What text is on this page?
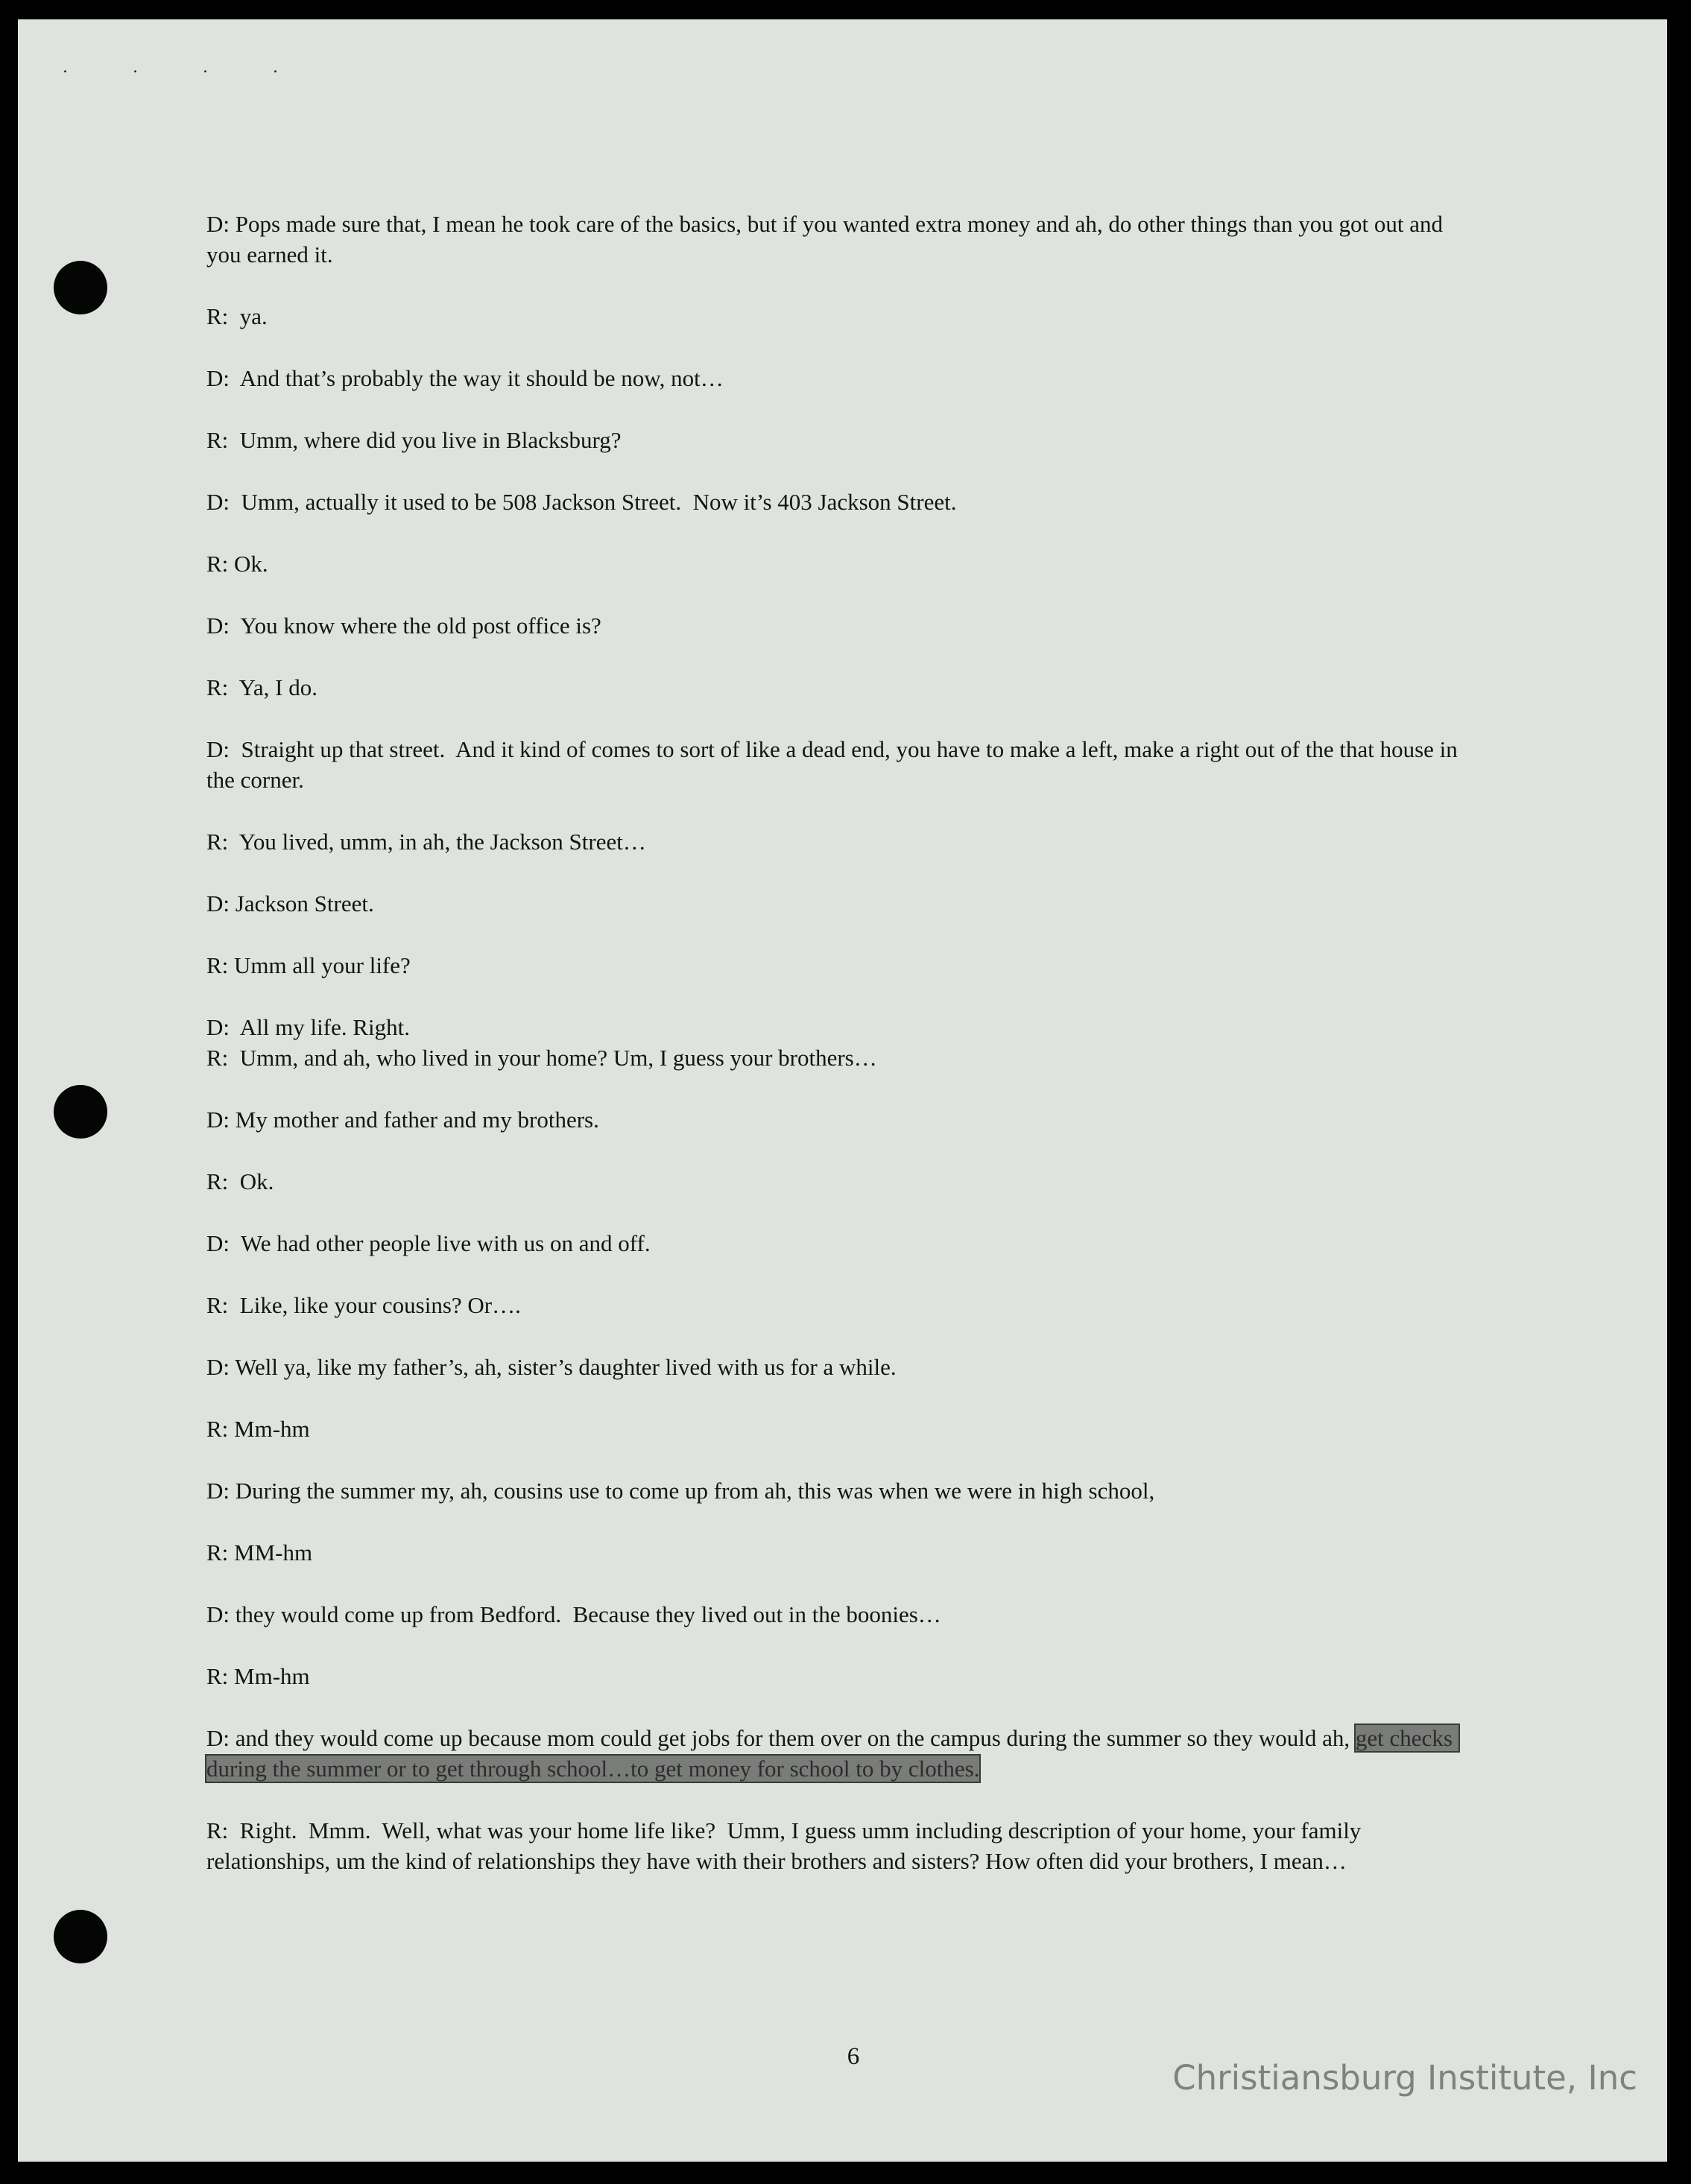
. . . .

D: Pops made sure that, I mean he took care of the basics, but if you wanted extra money and ah, do other things than you got out and you earned it.

R:  ya.

D:  And that’s probably the way it should be now, not…

R:  Umm, where did you live in Blacksburg?

D:  Umm, actually it used to be 508 Jackson Street.  Now it’s 403 Jackson Street.

R: Ok.

D:  You know where the old post office is?

R:  Ya, I do.

D:  Straight up that street.  And it kind of comes to sort of like a dead end, you have to make a left, make a right out of the that house in the corner.

R:  You lived, umm, in ah, the Jackson Street…

D: Jackson Street.

R: Umm all your life?

D:  All my life. Right.

R:  Umm, and ah, who lived in your home? Um, I guess your brothers…

D: My mother and father and my brothers.

R:  Ok.

D:  We had other people live with us on and off.

R:  Like, like your cousins? Or….

D: Well ya, like my father’s, ah, sister’s daughter lived with us for a while.

R: Mm-hm

D: During the summer my, ah, cousins use to come up from ah, this was when we were in high school,

R: MM-hm

D: they would come up from Bedford.  Because they lived out in the boonies…

R: Mm-hm

D: and they would come up because mom could get jobs for them over on the campus during the summer so they would ah, get checks during the summer or to get through school…to get money for school to by clothes.

R:  Right.  Mmm.  Well, what was your home life like?  Umm, I guess umm including description of your home, your family relationships, um the kind of relationships they have with their brothers and sisters? How often did your brothers, I mean…

6
Christiansburg Institute, Inc
